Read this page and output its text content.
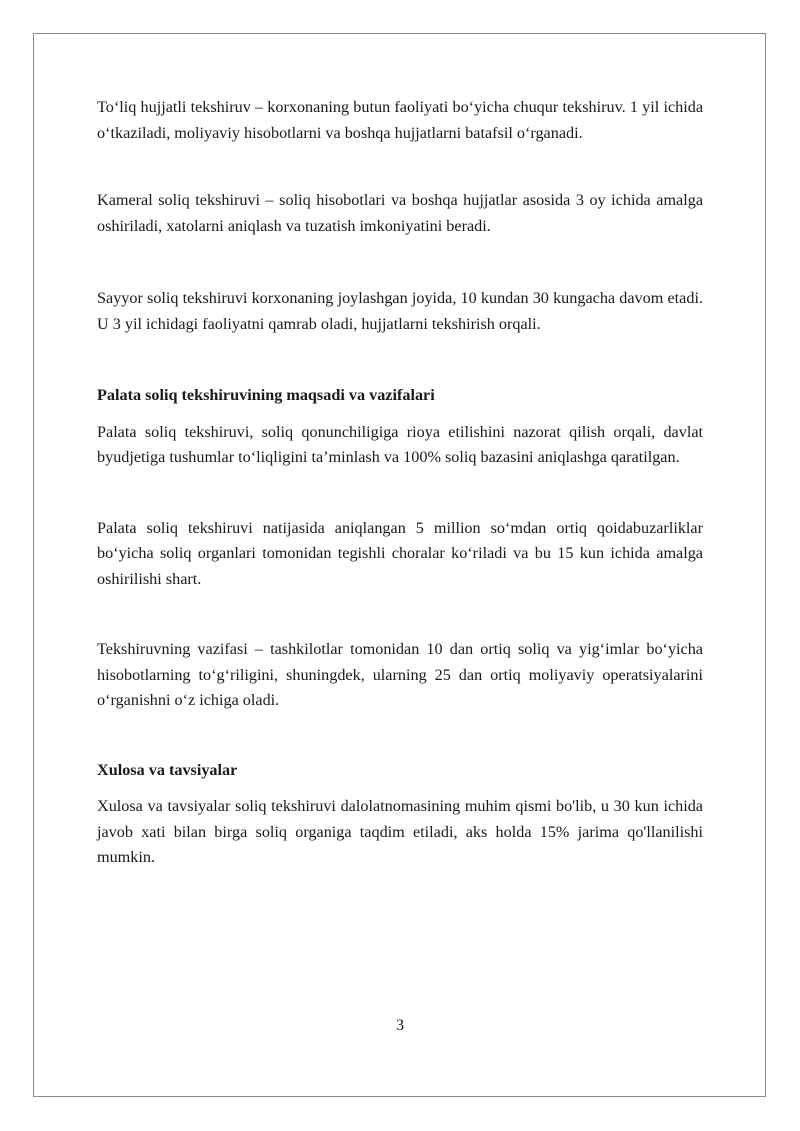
To‘liq hujjatli tekshiruv – korxonaning butun faoliyati bo‘yicha chuqur tekshiruv. 1 yil ichida o‘tkaziladi, moliyaviy hisobotlarni va boshqa hujjatlarni batafsil o‘rganadi.

Kameral soliq tekshiruvi – soliq hisobotlari va boshqa hujjatlar asosida 3 oy ichida amalga oshiriladi, xatolarni aniqlash va tuzatish imkoniyatini beradi.

Sayyor soliq tekshiruvi korxonaning joylashgan joyida, 10 kundan 30 kungacha davom etadi. U 3 yil ichidagi faoliyatni qamrab oladi, hujjatlarni tekshirish orqali.

Palata soliq tekshiruvining maqsadi va vazifalari

Palata soliq tekshiruvi, soliq qonunchiligiga rioya etilishini nazorat qilish orqali, davlat byudjetiga tushumlar to‘liqligini ta’minlash va 100% soliq bazasini aniqlashga qaratilgan.

Palata soliq tekshiruvi natijasida aniqlangan 5 million so‘mdan ortiq qoidabuzarliklar bo‘yicha soliq organlari tomonidan tegishli choralar ko‘riladi va bu 15 kun ichida amalga oshirilishi shart.

Tekshiruvning vazifasi – tashkilotlar tomonidan 10 dan ortiq soliq va yig‘imlar bo‘yicha hisobotlarning to‘g‘riligini, shuningdek, ularning 25 dan ortiq moliyaviy operatsiyalarini o‘rganishni o‘z ichiga oladi.

Xulosa va tavsiyalar

Xulosa va tavsiyalar soliq tekshiruvi dalolatnomasining muhim qismi bo'lib, u 30 kun ichida javob xati bilan birga soliq organiga taqdim etiladi, aks holda 15% jarima qo'llanilishi mumkin.

3
